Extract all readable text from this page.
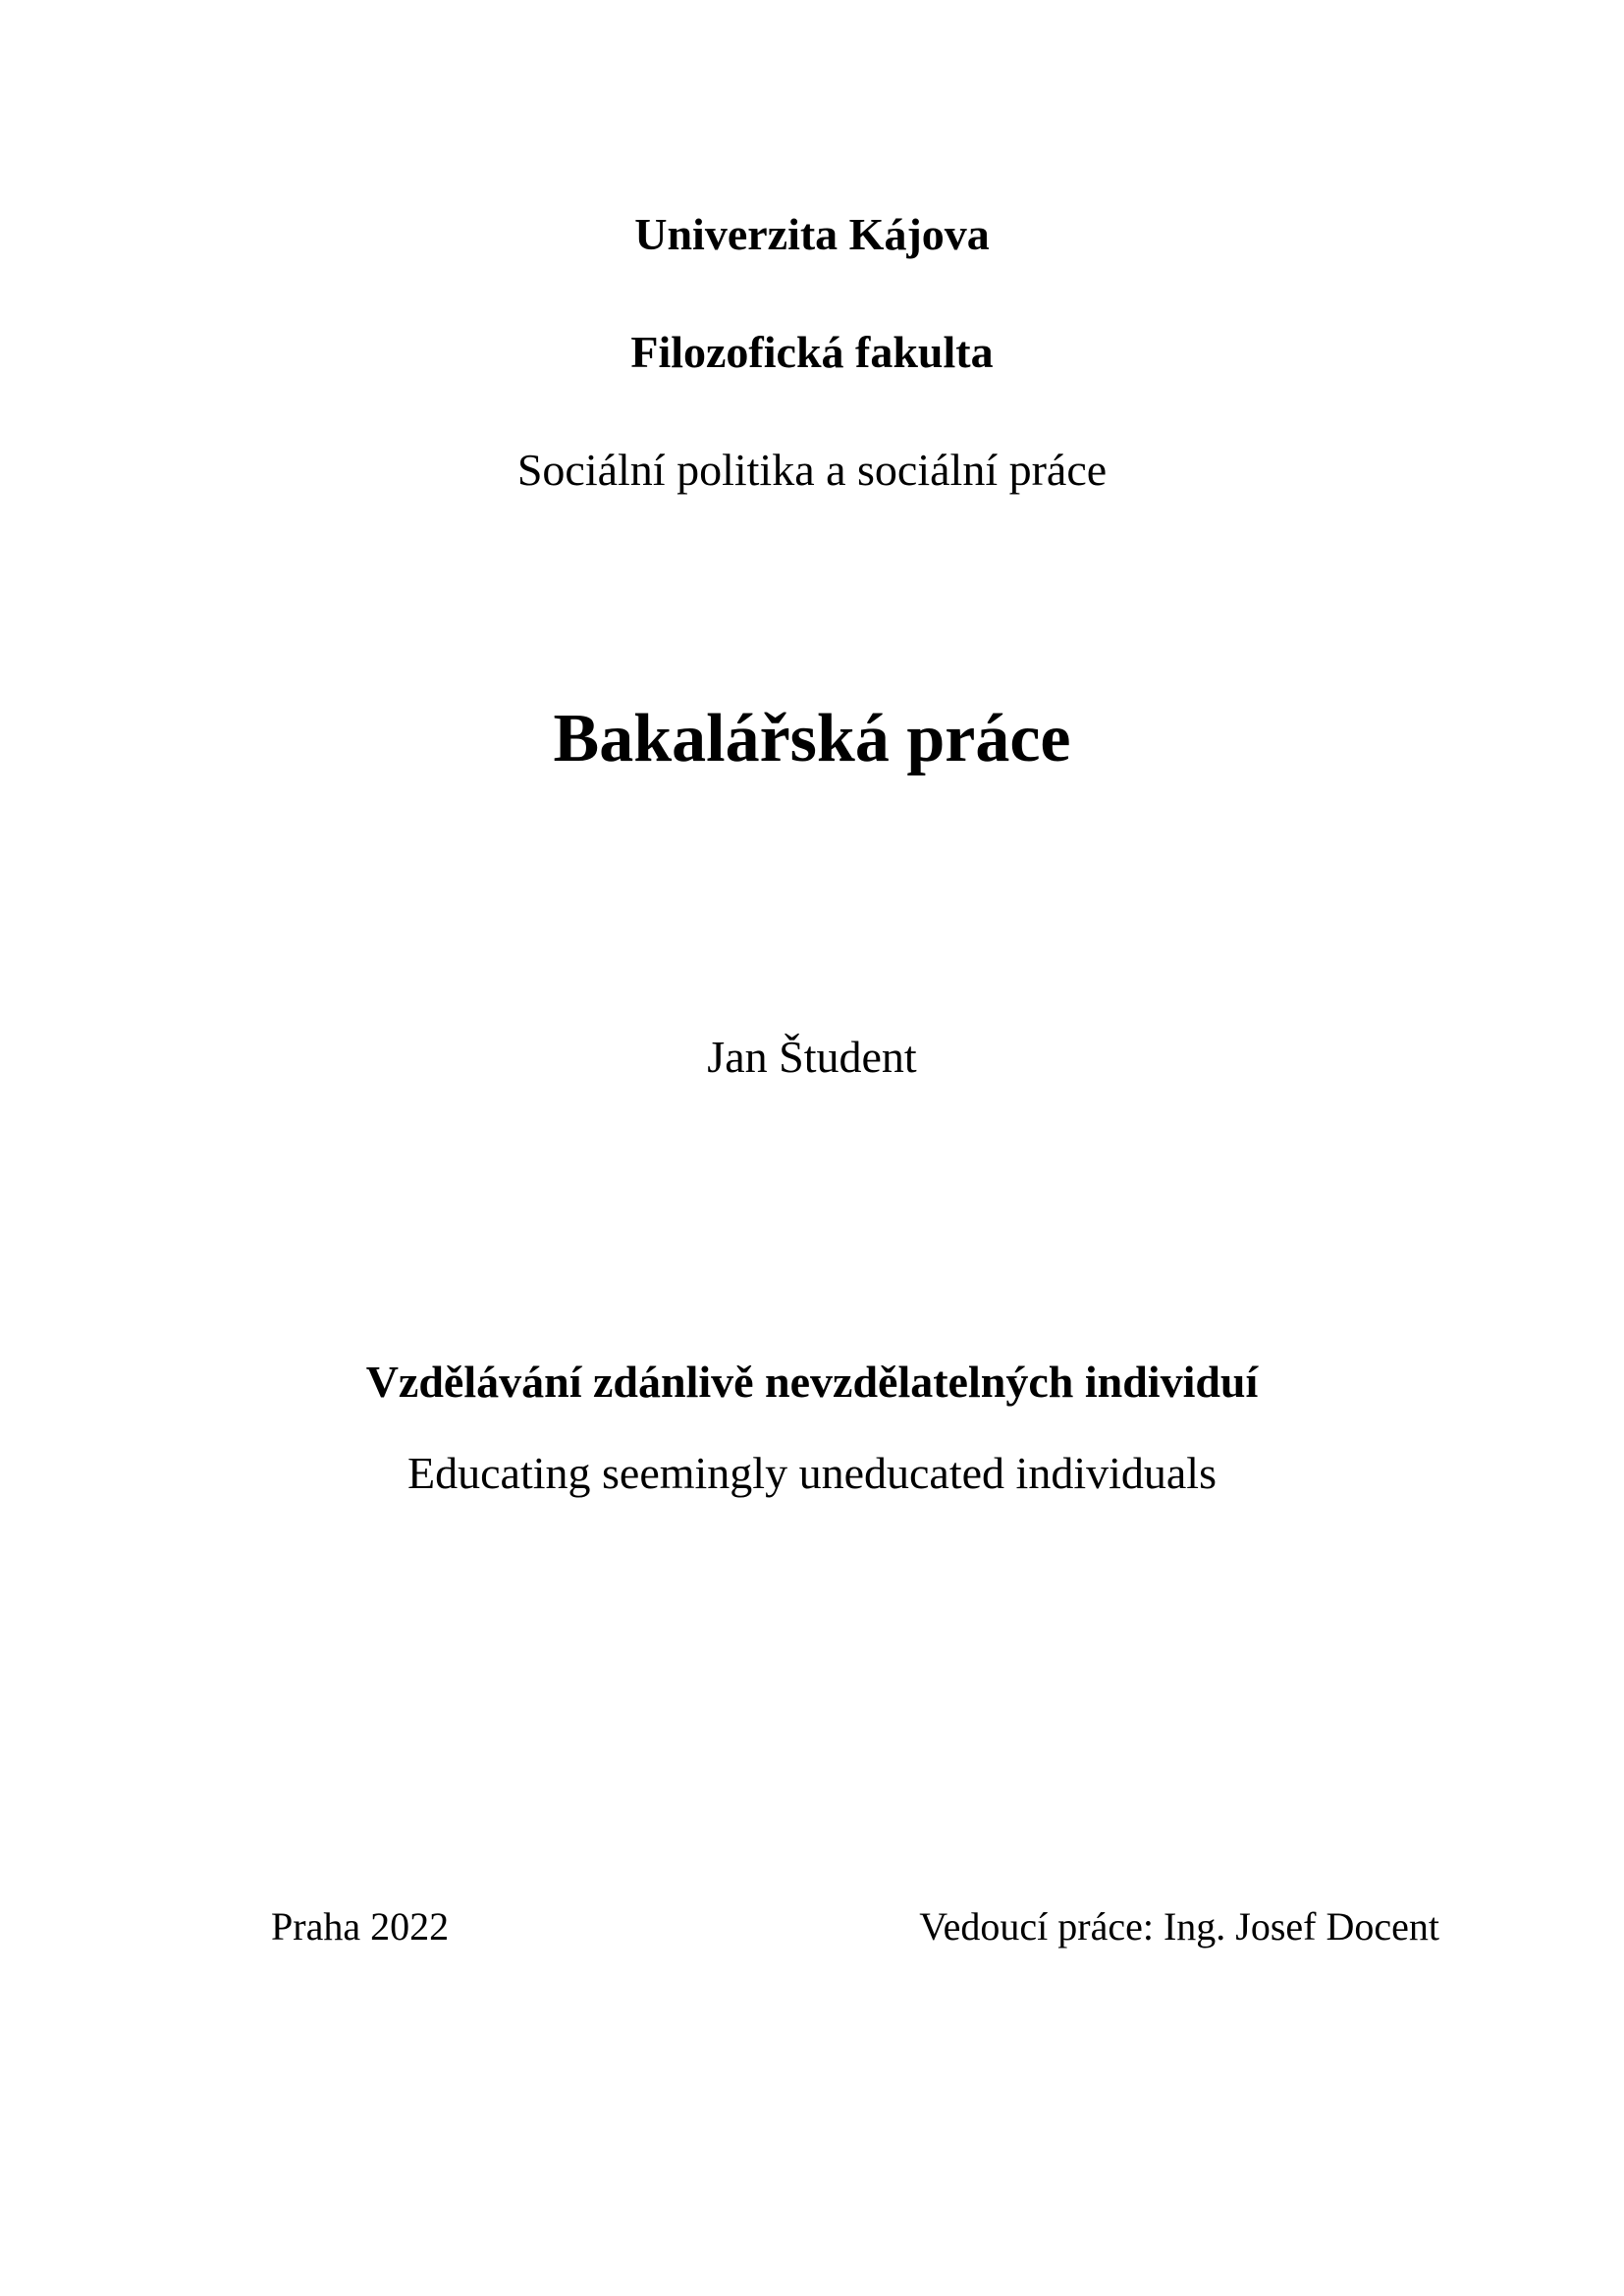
Univerzita Kájova
Filozofická fakulta
Sociální politika a sociální práce
Bakalářská práce
Jan Študent
Vzdělávání zdánlivě nevzdělatelných individuí
Educating seemingly uneducated individuals
Praha 2022	Vedoucí práce: Ing. Josef Docent
